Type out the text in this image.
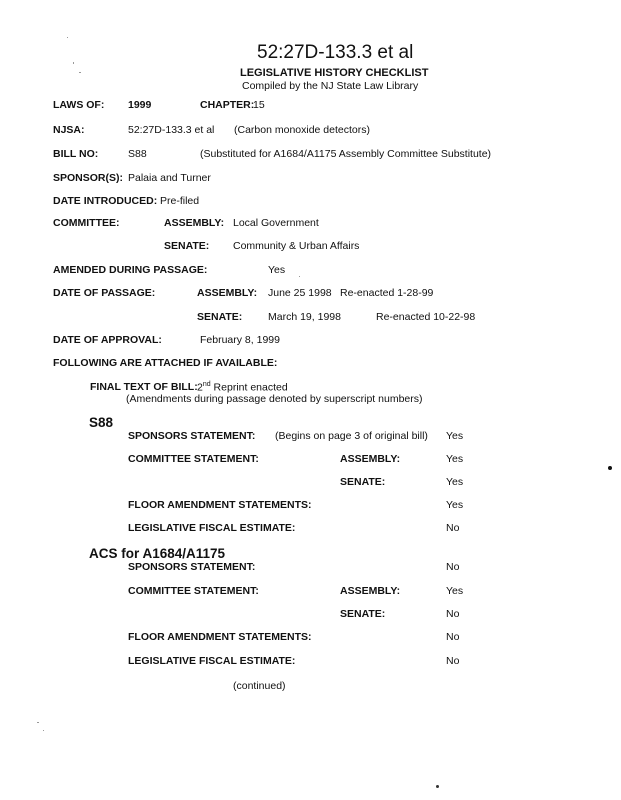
52:27D-133.3 et al
LEGISLATIVE HISTORY CHECKLIST
Compiled by the NJ State Law Library
LAWS OF: 1999	CHAPTER:
15
NJSA:	52:27D-133.3 et al (Carbon monoxide detectors)
BILL NO:	S88	(Substituted for A1684/A1175 Assembly Committee Substitute)
SPONSOR(S): Palaia and Turner
DATE INTRODUCED: Pre-filed
COMMITTEE:	ASSEMBLY: Local Government
SENATE: Community & Urban Affairs
AMENDED DURING PASSAGE:	Yes
DATE OF PASSAGE:	ASSEMBLY: June 25 1998 Re-enacted 1-28-99
SENATE: March 19, 1998	Re-enacted 10-22-98
DATE OF APPROVAL:	February 8, 1999
FOLLOWING ARE ATTACHED IF AVAILABLE:
FINAL TEXT OF BILL: 2nd Reprint enacted
(Amendments during passage denoted by superscript numbers)
S88
SPONSORS STATEMENT: (Begins on page 3 of original bill) Yes
COMMITTEE STATEMENT:	ASSEMBLY:	Yes
SENATE:	Yes
FLOOR AMENDMENT STATEMENTS:	Yes
LEGISLATIVE FISCAL ESTIMATE:	No
ACS for A1684/A1175
SPONSORS STATEMENT:	No
COMMITTEE STATEMENT:	ASSEMBLY:	Yes
SENATE:	No
FLOOR AMENDMENT STATEMENTS:	No
LEGISLATIVE FISCAL ESTIMATE:	No
(continued)
